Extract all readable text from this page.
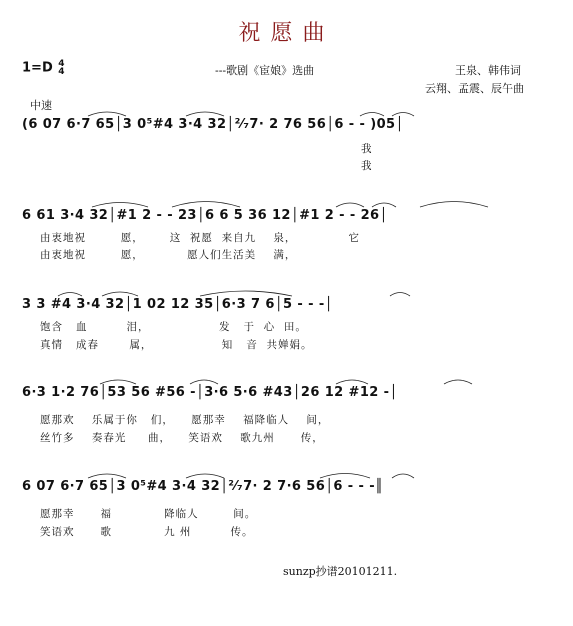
祝愿曲
1=D 4
4	---歌剧《宦娘》选曲	王泉、韩伟词
云翔、孟震、辰午曲
中速
(6 07 6·7 65│3 0⁵#4 3·4 32│²⁄₇7· 2 76 56│6 - - )05│
我
我
6 61 3·4 32│#1 2 - - 23│6 6 5 36 12│#1 2 - - 26│
由衷地祝        愿，      这  祝愿  来自九    泉，            它
由衷地祝        愿，          愿人们生活美    满，
3 3 #4 3·4 32│1 02 12 35│6·3 7 6│5 - - -│
饱含   血         泪，                发   于  心  田。
真情   成春       属，                知   音  共婵娟。
6·3 1·2 76│53 56 #56 -│3·6 5·6 #43│26 12 #12 -│
愿那欢    乐属于你   们，    愿那幸    福降临人    间，
丝竹多    奏春光     曲，    笑语欢    歌九州      传，
6 07 6·7 65│3 0⁵#4 3·4 32│²⁄₇7· 2 7·6 56│6 - - -║
愿那幸      福            降临人        间。
笑语欢      歌            九 州         传。
sunzp抄谱20101211.
